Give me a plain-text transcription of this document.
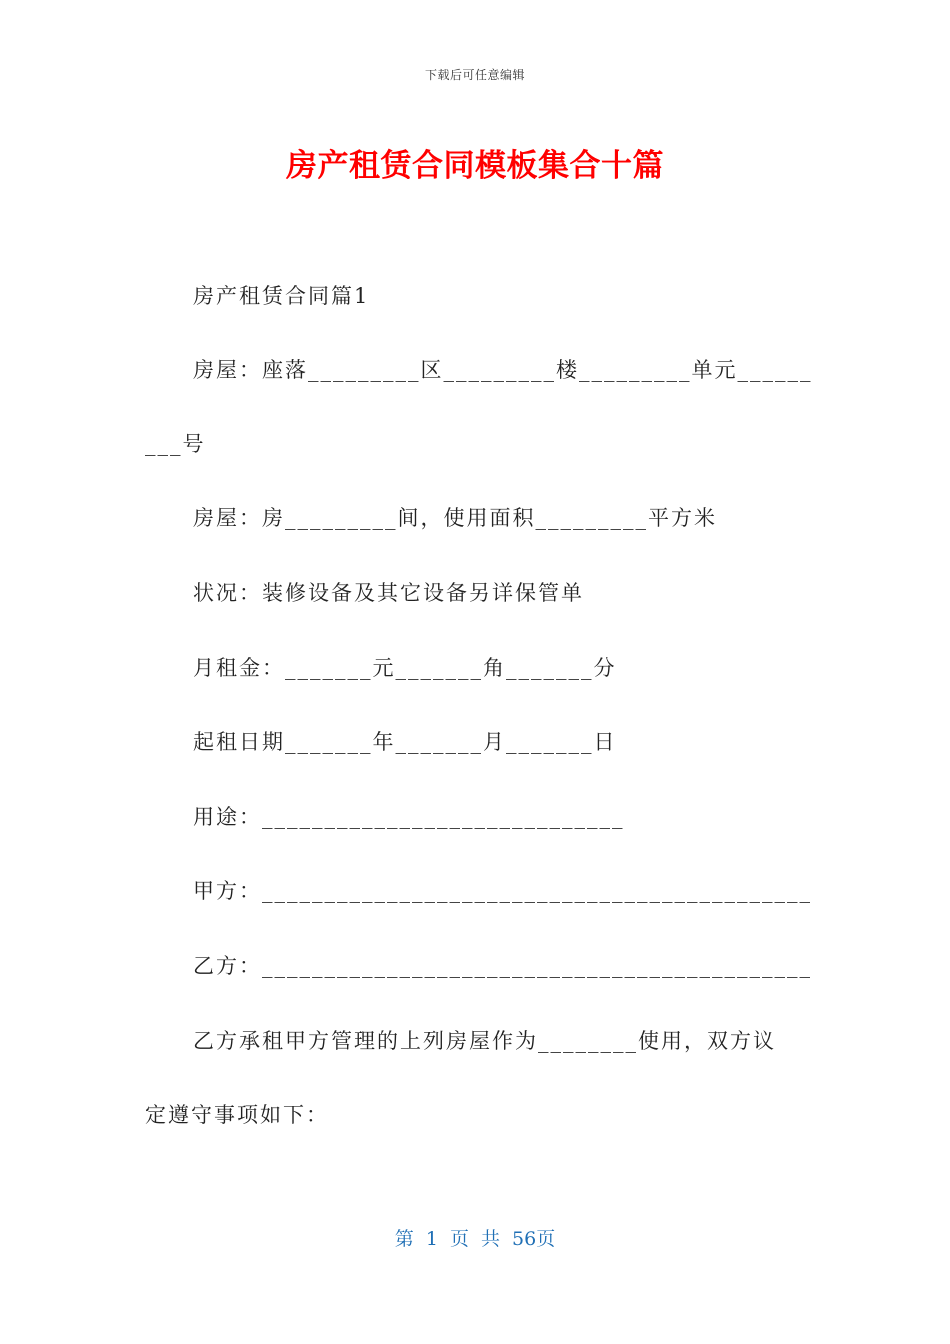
下载后可任意编辑
房产租赁合同模板集合十篇
房产租赁合同篇1
房屋：座落_________区_________楼_________单元______
___号
房屋：房_________间，使用面积_________平方米
状况：装修设备及其它设备另详保管单
月租金：_______元_______角_______分
起租日期_______年_______月_______日
用途：_____________________________
甲方：____________________________________________
乙方：____________________________________________
乙方承租甲方管理的上列房屋作为________使用，双方议
定遵守事项如下：
第 1 页 共 56页
